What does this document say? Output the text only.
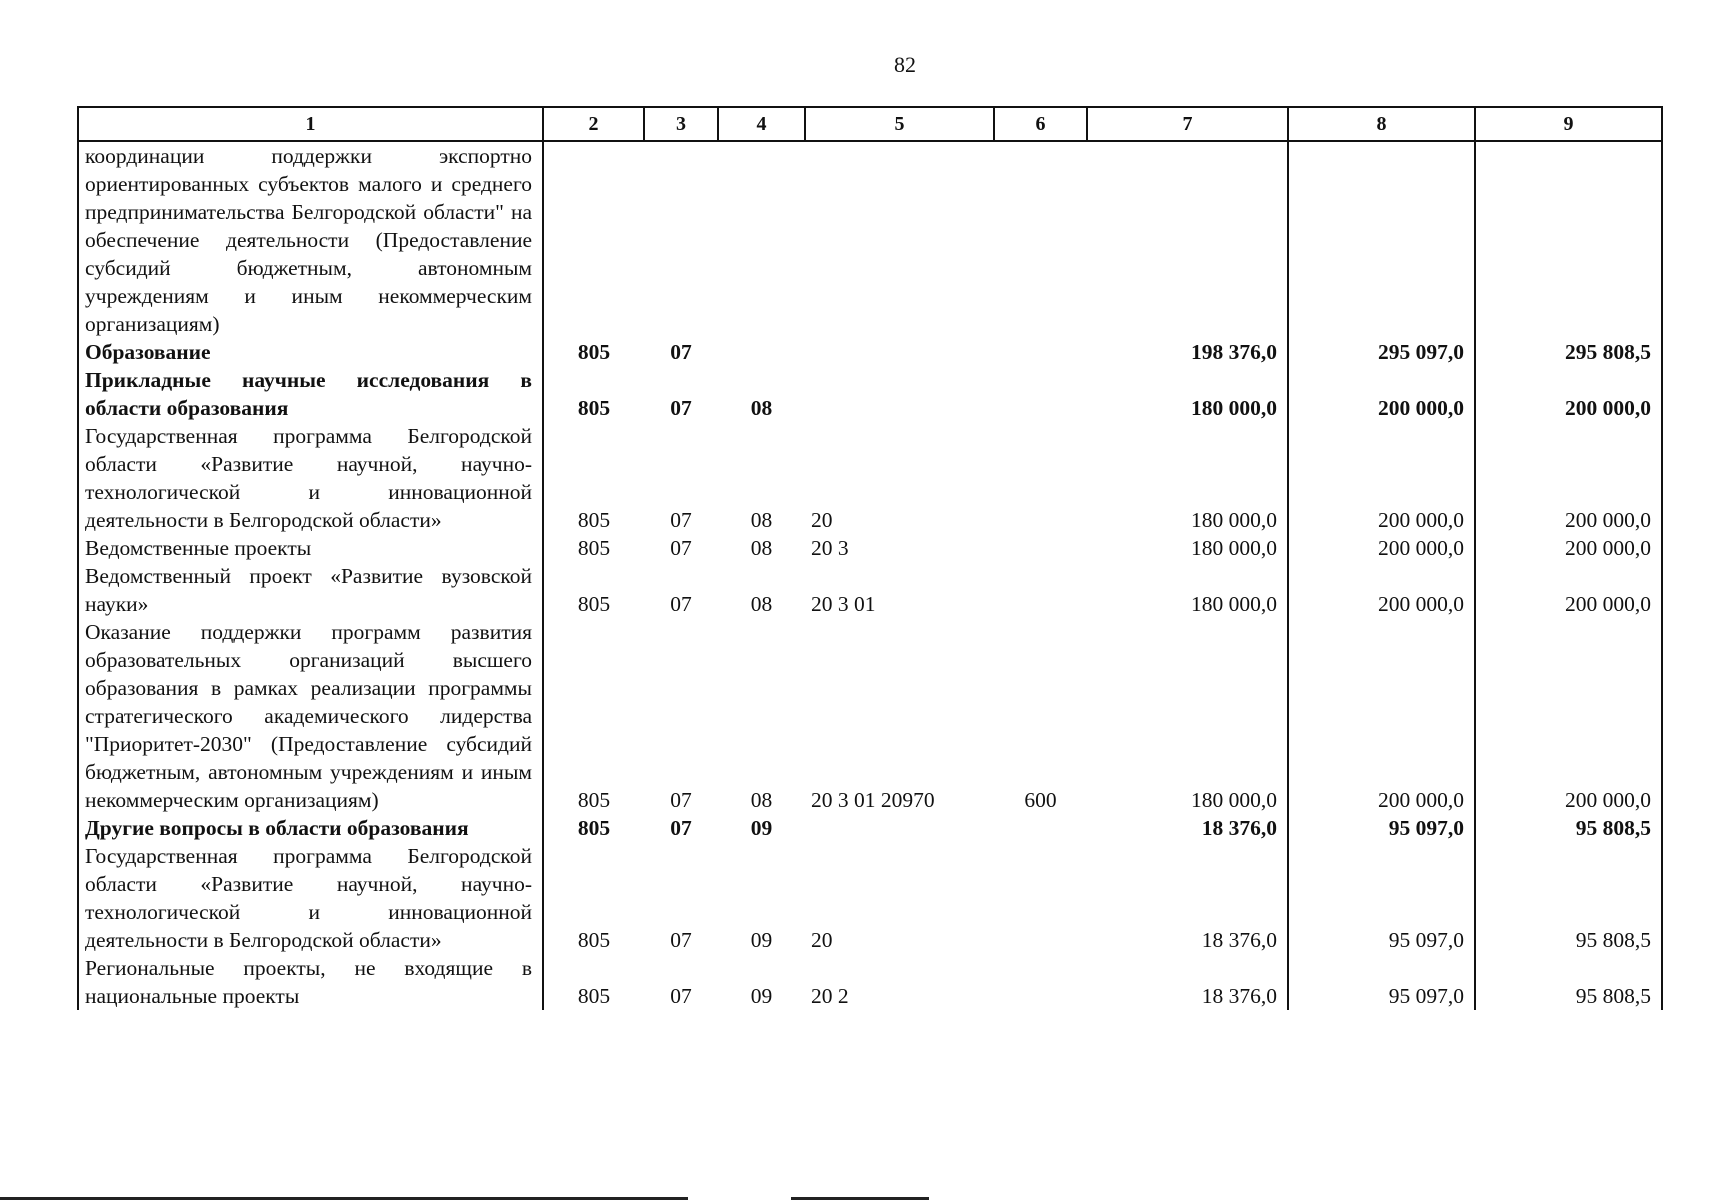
82
1	2	3	4	5	6	7	8	9
координации поддержки экспортно ориентированных субъектов малого и среднего предпринимательства Белгородской области" на обеспечение деятельности (Предоставление субсидий бюджетным, автономным учреждениям и иным некоммерческим организациям)								
Образование	805	07				198 376,0	295 097,0	295 808,5
Прикладные научные исследования в области образования	805	07	08			180 000,0	200 000,0	200 000,0
Государственная программа Белгородской области «Развитие научной, научно-технологической и инновационной деятельности в Белгородской области»	805	07	08	20		180 000,0	200 000,0	200 000,0
Ведомственные проекты	805	07	08	20 3		180 000,0	200 000,0	200 000,0
Ведомственный проект «Развитие вузовской науки»	805	07	08	20 3 01		180 000,0	200 000,0	200 000,0
Оказание поддержки программ развития образовательных организаций высшего образования в рамках реализации программы стратегического академического лидерства "Приоритет-2030" (Предоставление субсидий бюджетным, автономным учреждениям и иным некоммерческим организациям)	805	07	08	20 3 01 20970	600	180 000,0	200 000,0	200 000,0
Другие вопросы в области образования	805	07	09			18 376,0	95 097,0	95 808,5
Государственная программа Белгородской области «Развитие научной, научно-технологической и инновационной деятельности в Белгородской области»	805	07	09	20		18 376,0	95 097,0	95 808,5
Региональные проекты, не входящие в национальные проекты	805	07	09	20 2		18 376,0	95 097,0	95 808,5
